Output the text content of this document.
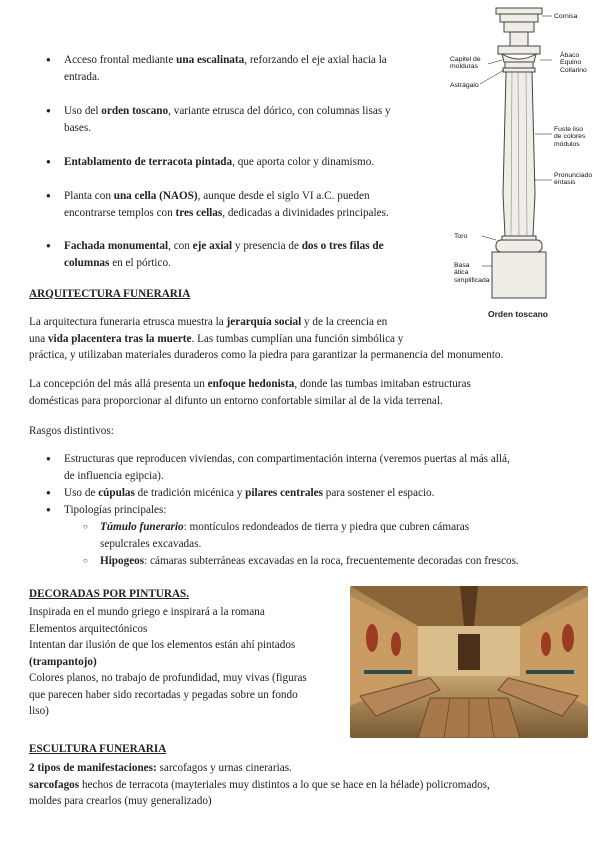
● Acceso frontal mediante una escalinata, reforzando el eje axial hacia la
entrada.
● Uso del orden toscano, variante etrusca del dórico, con columnas lisas y
bases.
● Entablamento de terracota pintada, que aporta color y dinamismo.
● Planta con una cella (NAOS), aunque desde el siglo VI a.C. pueden
encontrarse templos con tres cellas, dedicadas a divinidades principales.
● Fachada monumental, con eje axial y presencia de dos o tres filas de
columnas en el pórtico.
Cornisa
Capitel de
molduras
Ábaco
Equino
Collarino
Astrágalo
Fuste liso
de colores
módulos
Pronunciado
éntasis
Toro
Basa
ática
simplificada
Orden toscano
ARQUITECTURA FUNERARIA
La arquitectura funeraria etrusca muestra la jerarquía social y de la creencia en
una vida placentera tras la muerte. Las tumbas cumplían una función simbólica y
práctica, y utilizaban materiales duraderos como la piedra para garantizar la permanencia del monumento.
La concepción del más allá presenta un enfoque hedonista, donde las tumbas imitaban estructuras
domésticas para proporcionar al difunto un entorno confortable similar al de la vida terrenal.
Rasgos distintivos:
● Estructuras que reproducen viviendas, con compartimentación interna (veremos puertas al más allá,
de influencia egipcia).
● Uso de cúpulas de tradición micénica y pilares centrales para sostener el espacio.
● Tipologías principales:
○ Túmulo funerario: montículos redondeados de tierra y piedra que cubren cámaras
sepulcrales excavadas.
○ Hipogeos: cámaras subterráneas excavadas en la roca, frecuentemente decoradas con frescos.
DECORADAS POR PINTURAS.
Inspirada en el mundo griego e inspirará a la romana
Elementos arquitectónicos
Intentan dar ilusión de que los elementos están ahí pintados
(trampantojo)
Colores planos, no trabajo de profundidad, muy vivas (figuras
que parecen haber sido recortadas y pegadas sobre un fondo
liso)
ESCULTURA FUNERARIA
2 tipos de manifestaciones: sarcofagos y urnas cinerarias.
sarcofagos hechos de terracota (mayteriales muy distintos a lo que se hace en la hélade) policromados,
moldes para crearlos (muy generalizado)
